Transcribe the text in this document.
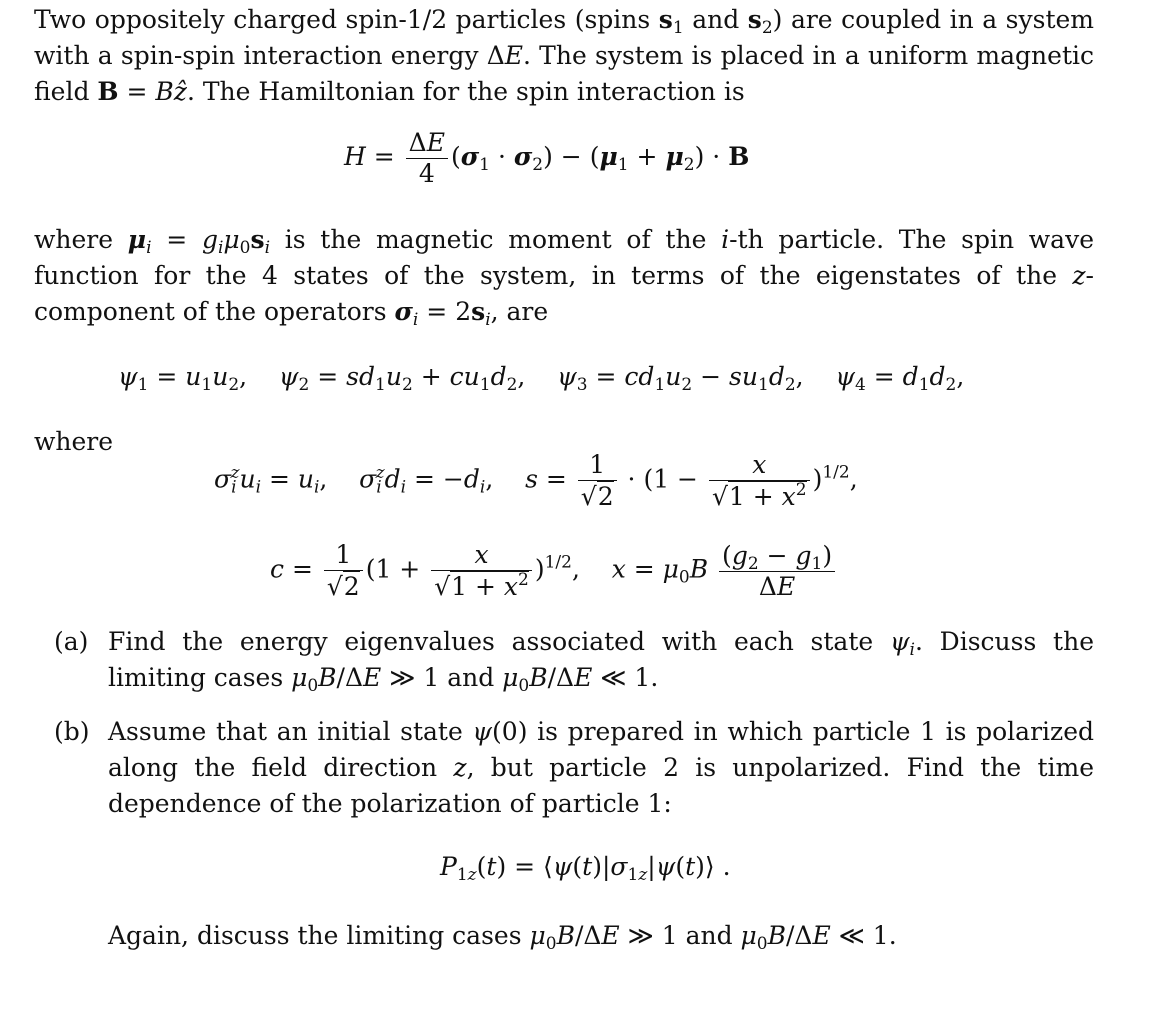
Two oppositely charged spin-1/2 particles (spins $s_1$ and $s_2$) are coupled in a system with a spin-spin interaction energy ΔE. The system is placed in a uniform magnetic field B = Bẑ. The Hamiltonian for the spin interaction is
$H = \frac{\Delta E}{4} (\sigma_1 \cdot \sigma_2) - (\mu_1 + \mu_2) \cdot B$
where $\mu_i = g_i\mu_0s_i$ is the magnetic moment of the i-th particle. The spin wave function for the 4 states of the system, in terms of the eigenstates of the z-component of the operators $\sigma_i = 2s_i$, are
$\psi_1 = u_1u_2$,    $\psi_2 = sd_1u_2 + cu_1d_2$,    $\psi_3 = cd_1u_2 - su_1d_2$,    $\psi_4 = d_1d_2$,
where
$\sigma_i^zu_i = u_i$,    $\sigma_i^zd_i = -d_i$,    $s = \frac{1}{√2} \cdot (1 - \frac{x}{√1 + x^2} )^{1/2}$,
$c = \frac{1}{√2} (1 + \frac{x}{√1 + x^2} )^{1/2}$,    $x = \mu_0B \frac{(g_2 - g_1)}{\Delta E}$
(a) Find the energy eigenvalues associated with each state $\psi_i$. Discuss the limiting cases $\mu_0B/\Delta E$ ≫ 1 and $\mu_0B/\Delta E$ ≪ 1.
(b) Assume that an initial state ψ(0) is prepared in which particle 1 is polarized along the field direction z, but particle 2 is unpolarized. Find the time dependence of the polarization of particle 1:
$P_{1z}(t)$ = $⟨\psi(t)|\sigma_{1z}|\psi(t)⟩$ .
Again, discuss the limiting cases $\mu_0B/\Delta E$ ≫ 1 and $\mu_0B/\Delta E$ ≪ 1.
